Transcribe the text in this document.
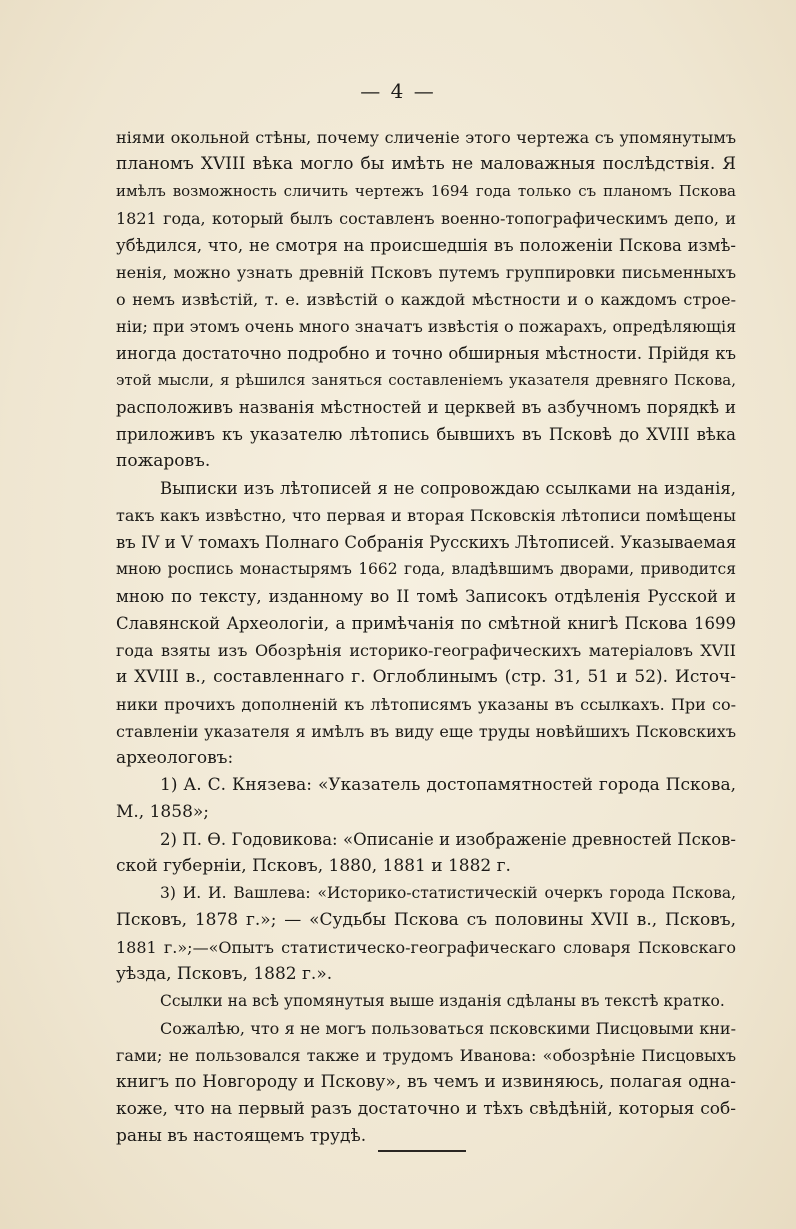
— 4 —
ніями окольной стѣны, почему сличеніе этого чертежа съ упомянутымъ
планомъ XVIII вѣка могло бы имѣть не маловажныя послѣдствія. Я
имѣлъ возможность сличить чертежъ 1694 года только съ планомъ Пскова
1821 года, который былъ составленъ военно-топографическимъ депо, и
убѣдился, что, не смотря на происшедшія въ положеніи Пскова измѣ-
ненія, можно узнать древній Псковъ путемъ группировки письменныхъ
о немъ извѣстій, т. е. извѣстій о каждой мѣстности и о каждомъ строе-
ніи; при этомъ очень много значатъ извѣстія о пожарахъ, опредѣляющія
иногда достаточно подробно и точно обширныя мѣстности. Прійдя къ
этой мысли, я рѣшился заняться составленіемъ указателя древняго Пскова,
расположивъ названія мѣстностей и церквей въ азбучномъ порядкѣ и
приложивъ къ указателю лѣтопись бывшихъ въ Псковѣ до XVIII вѣка
пожаровъ.
Выписки изъ лѣтописей я не сопровождаю ссылками на изданія,
такъ какъ извѣстно, что первая и вторая Псковскія лѣтописи помѣщены
въ IV и V томахъ Полнаго Собранія Русскихъ Лѣтописей. Указываемая
мною роспись монастырямъ 1662 года, владѣвшимъ дворами, приводится
мною по тексту, изданному во II томѣ Записокъ отдѣленія Русской и
Славянской Археологіи, а примѣчанія по смѣтной книгѣ Пскова 1699
года взяты изъ Обозрѣнія историко-географическихъ матеріаловъ XVII
и XVIII в., составленнаго г. Оглоблинымъ (стр. 31, 51 и 52). Источ-
ники прочихъ дополненій къ лѣтописямъ указаны въ ссылкахъ. При со-
ставленіи указателя я имѣлъ въ виду еще труды новѣйшихъ Псковскихъ
археологовъ:
1) А. С. Князева: «Указатель достопамятностей города Пскова,
М., 1858»;
2) П. Ѳ. Годовикова: «Описаніе и изображеніе древностей Псков-
ской губерніи, Псковъ, 1880, 1881 и 1882 г.
3) И. И. Вашлева: «Историко-статистическій очеркъ города Пскова,
Псковъ, 1878 г.»; — «Судьбы Пскова съ половины XVII в., Псковъ,
1881 г.»;—«Опытъ статистическо-географическаго словаря Псковскаго
уѣзда, Псковъ, 1882 г.».
Ссылки на всѣ упомянутыя выше изданія сдѣланы въ текстѣ кратко.
Сожалѣю, что я не могъ пользоваться псковскими Писцовыми кни-
гами; не пользовался также и трудомъ Иванова: «обозрѣніе Писцовыхъ
книгъ по Новгороду и Пскову», въ чемъ и извиняюсь, полагая одна-
коже, что на первый разъ достаточно и тѣхъ свѣдѣній, которыя соб-
раны въ настоящемъ трудѣ.
